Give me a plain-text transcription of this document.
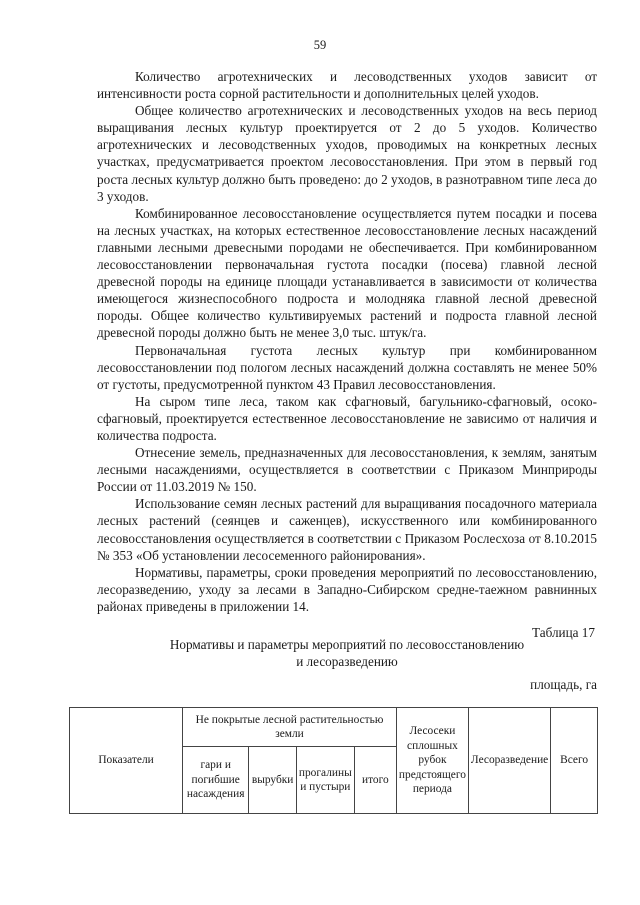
59

Количество агротехнических и лесоводственных уходов зависит от интенсивности роста сорной растительности и дополнительных целей уходов.

Общее количество агротехнических и лесоводственных уходов на весь период выращивания лесных культур проектируется от 2 до 5 уходов. Количество агротехнических и лесоводственных уходов, проводимых на конкретных лесных участках, предусматривается проектом лесовосстановления. При этом в первый год роста лесных культур должно быть проведено: до 2 уходов, в разнотравном типе леса до 3 уходов.

Комбинированное лесовосстановление осуществляется путем посадки и посева на лесных участках, на которых естественное лесовосстановление лесных насаждений главными лесными древесными породами не обеспечивается. При комбинированном лесовосстановлении первоначальная густота посадки (посева) главной лесной древесной породы на единице площади устанавливается в зависимости от количества имеющегося жизнеспособного подроста и молодняка главной лесной древесной породы. Общее количество культивируемых растений и подроста главной лесной древесной породы должно быть не менее 3,0 тыс. штук/га.

Первоначальная густота лесных культур при комбинированном лесовосстановлении под пологом лесных насаждений должна составлять не менее 50% от густоты, предусмотренной пунктом 43 Правил лесовосстановления.

На сыром типе леса, таком как сфагновый, багульнико-сфагновый, осоко-сфагновый, проектируется естественное лесовосстановление не зависимо от наличия и количества подроста.

Отнесение земель, предназначенных для лесовосстановления, к землям, занятым лесными насаждениями, осуществляется в соответствии с Приказом Минприроды России от 11.03.2019 № 150.

Использование семян лесных растений для выращивания посадочного материала лесных растений (сеянцев и саженцев), искусственного или комбинированного лесовосстановления осуществляется в соответствии с Приказом Рослесхоза от 8.10.2015 № 353 «Об установлении лесосеменного районирования».

Нормативы, параметры, сроки проведения мероприятий по лесовосстановлению, лесоразведению, уходу за лесами в Западно-Сибирском средне-таежном равнинных районах приведены в приложении 14.

Таблица 17
Нормативы и параметры мероприятий по лесовосстановлению
и лесоразведению
площадь, га
Показатели	Не покрытые лесной растительностью земли				Лесосеки сплошных рубок предстоящего периода	Лесоразведение	Всего
	гари и погибшие насаждения	вырубки	прогалины и пустыри	итого			
